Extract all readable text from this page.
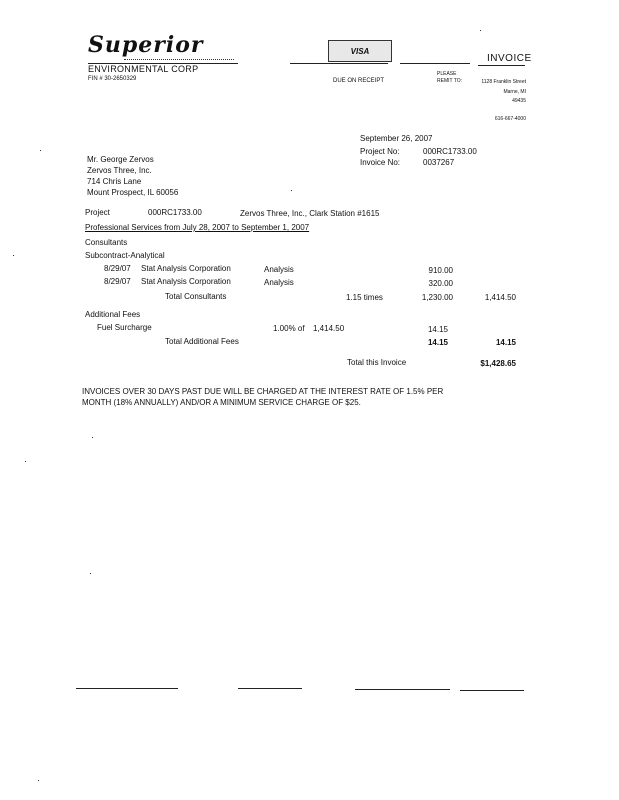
Superior
ENVIRONMENTAL CORP
FIN # 30-2650329
VISA
DUE ON RECEIPT
PLEASE
REMIT TO:
INVOICE
1128 Franklin Street
Marne, MI
49435
616-667-4000
September 26, 2007
Project No:	000RC1733.00
Invoice No:	0037267
Mr. George Zervos
Zervos Three, Inc.
714 Chris Lane
Mount Prospect, IL 60056
Project	000RC1733.00	Zervos Three, Inc., Clark Station #1615
Professional Services from July 28, 2007 to September 1, 2007
Consultants
Subcontract-Analytical
8/29/07 Stat Analysis Corporation	Analysis	910.00
8/29/07 Stat Analysis Corporation	Analysis	320.00
Total Consultants	1.15 times	1,230.00	1,414.50
Additional Fees
Fuel Surcharge	1.00% of 1,414.50	14.15
Total Additional Fees	14.15	14.15
Total this Invoice	$1,428.65
INVOICES OVER 30 DAYS PAST DUE WILL BE CHARGED AT THE INTEREST RATE OF 1.5% PER
MONTH (18% ANNUALLY) AND/OR A MINIMUM SERVICE CHARGE OF $25.
